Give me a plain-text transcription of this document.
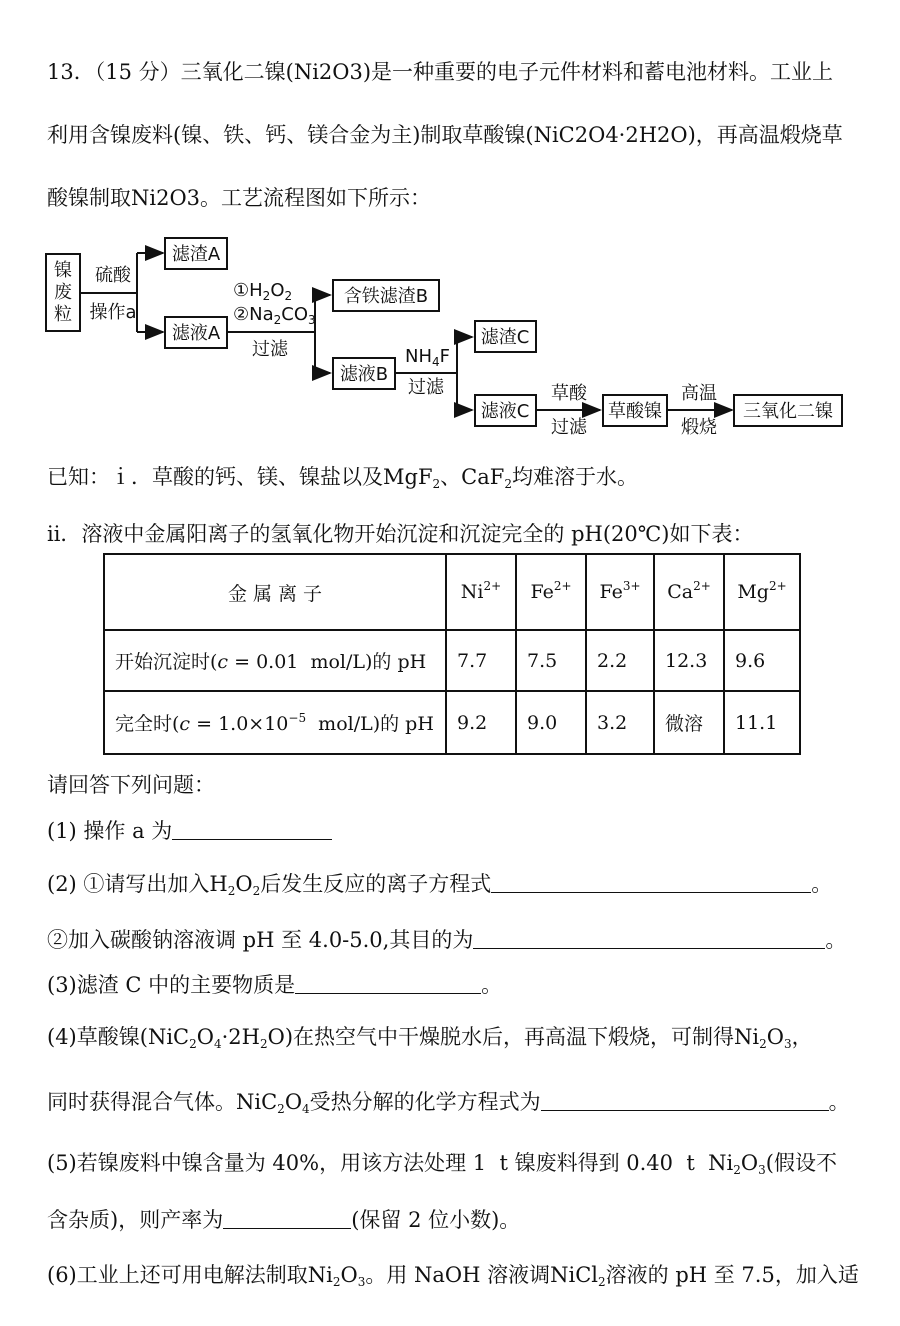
13．（15 分）三氧化二镍(Ni2O3)是一种重要的电子元件材料和蓄电池材料。工业上
利用含镍废料(镍、铁、钙、镁合金为主)制取草酸镍(NiC2O4·2H2O)，再高温煅烧草
酸镍制取Ni2O3。工艺流程图如下所示：
镍
废
粒
硫酸
操作a
滤渣A
滤液A
$①H_2O_2$
$②Na_2CO_3$
过滤
含铁滤渣B
滤液B
$NH_4F$
过滤
滤渣C
滤液C
草酸
过滤
草酸镍
高温
煅烧
三氧化二镍
已知：ｉ．草酸的钙、镁、镍盐以及MgF$_2$、CaF$_2$均难溶于水。
ⅱ．溶液中金属阳离子的氢氧化物开始沉淀和沉淀完全的 pH(20℃)如下表：
金 属 离 子	$Ni^{2+}$	$Fe^{2+}$	$Fe^{3+}$	$Ca^{2+}$	$Mg^{2+}$
开始沉淀时(c = 0.01  mol/L)的 pH	7.7	7.5	2.2	12.3	9.6
完全时($c = 1.0\times 10^{-5}$  mol/L)的 pH	9.2	9.0	3.2	微溶	11.1
请回答下列问题：
(1) 操作 a 为
(2) ①请写出加入$H_2O_2$后发生反应的离子方程式	。
②加入碳酸钠溶液调 pH 至 4.0-5.0,其目的为	。
(3)滤渣 C 中的主要物质是	。
(4)草酸镍$(NiC_2O_4\cdot 2H_2O)$在热空气中干燥脱水后，再高温下煅烧，可制得$Ni_2O_3$，
同时获得混合气体。$NiC_2O_4$受热分解的化学方程式为	。
(5)若镍废料中镍含量为 40%，用该方法处理 1  t 镍废料得到 0.40  t  $Ni_2O_3$(假设不
含杂质)，则产率为	(保留 2 位小数)。
(6)工业上还可用电解法制取$Ni_2O_3$。用 NaOH 溶液调NiCl$_2$溶液的 pH 至 7.5，加入适
